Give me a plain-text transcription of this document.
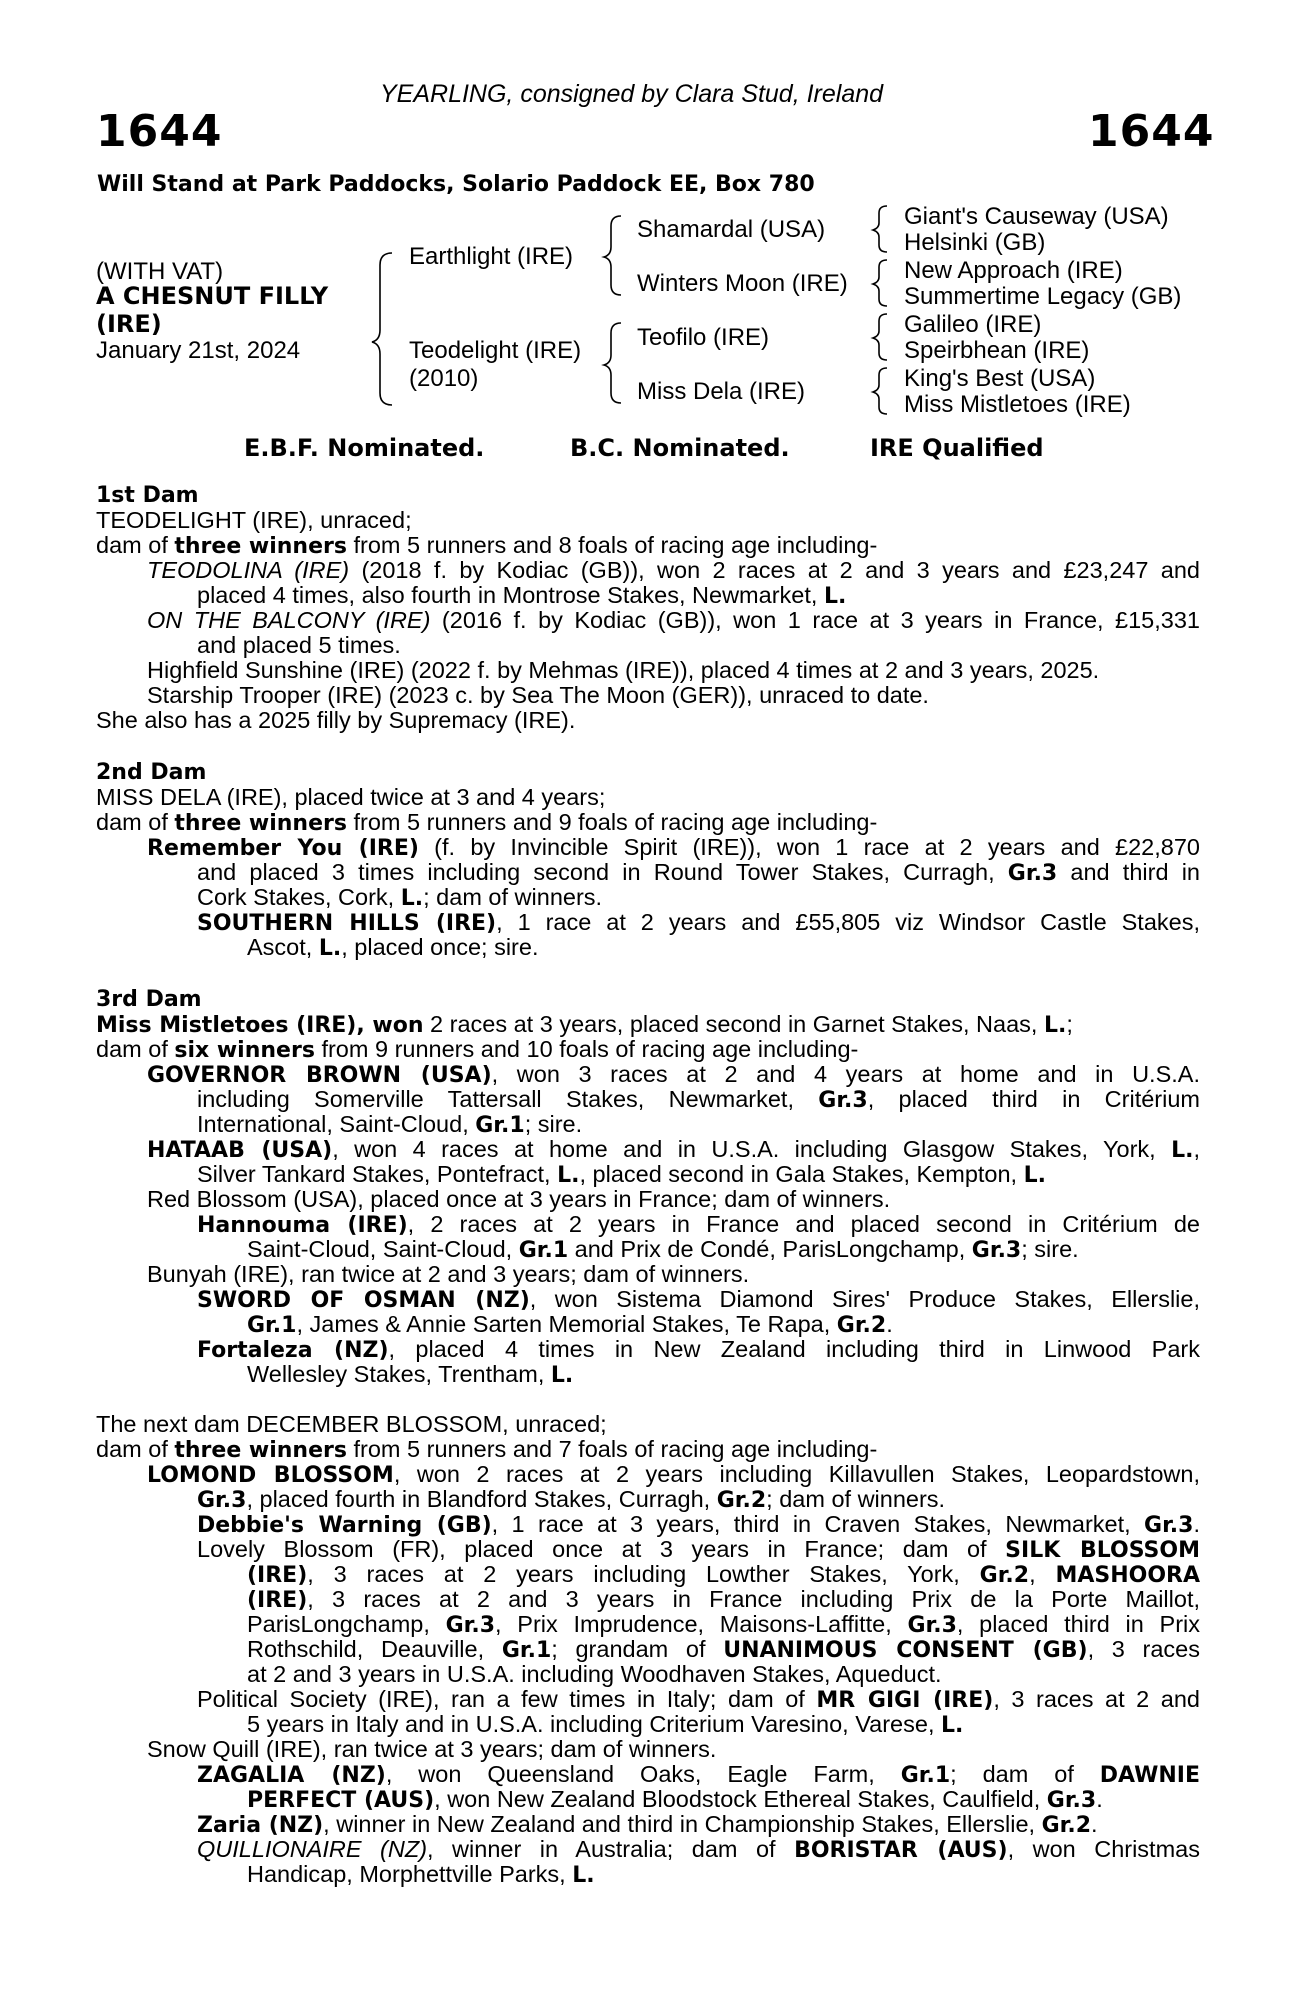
YEARLING, consigned by Clara Stud, Ireland
1644	1644
Will Stand at Park Paddocks, Solario Paddock EE, Box 780
(WITH VAT)
A CHESNUT FILLY
(IRE)
January 21st, 2024
Earthlight (IRE)
Teodelight (IRE)
(2010)
Shamardal (USA)
Winters Moon (IRE)
Teofilo (IRE)
Miss Dela (IRE)
Giant's Causeway (USA)
Helsinki (GB)
New Approach (IRE)
Summertime Legacy (GB)
Galileo (IRE)
Speirbhean (IRE)
King's Best (USA)
Miss Mistletoes (IRE)
E.B.F. Nominated.	B.C. Nominated.	IRE Qualified
1st Dam
TEODELIGHT (IRE), unraced;
dam of three winners from 5 runners and 8 foals of racing age including-
TEODOLINA (IRE) (2018 f. by Kodiac (GB)), won 2 races at 2 and 3 years and £23,247 and
placed 4 times, also fourth in Montrose Stakes, Newmarket, L.
ON THE BALCONY (IRE) (2016 f. by Kodiac (GB)), won 1 race at 3 years in France, £15,331
and placed 5 times.
Highfield Sunshine (IRE) (2022 f. by Mehmas (IRE)), placed 4 times at 2 and 3 years, 2025.
Starship Trooper (IRE) (2023 c. by Sea The Moon (GER)), unraced to date.
She also has a 2025 filly by Supremacy (IRE).
2nd Dam
MISS DELA (IRE), placed twice at 3 and 4 years;
dam of three winners from 5 runners and 9 foals of racing age including-
Remember You (IRE) (f. by Invincible Spirit (IRE)), won 1 race at 2 years and £22,870
and placed 3 times including second in Round Tower Stakes, Curragh, Gr.3 and third in
Cork Stakes, Cork, L.; dam of winners.
SOUTHERN HILLS (IRE), 1 race at 2 years and £55,805 viz Windsor Castle Stakes,
Ascot, L., placed once; sire.
3rd Dam
Miss Mistletoes (IRE), won 2 races at 3 years, placed second in Garnet Stakes, Naas, L.;
dam of six winners from 9 runners and 10 foals of racing age including-
GOVERNOR BROWN (USA), won 3 races at 2 and 4 years at home and in U.S.A.
including Somerville Tattersall Stakes, Newmarket, Gr.3, placed third in Critérium
International, Saint-Cloud, Gr.1; sire.
HATAAB (USA), won 4 races at home and in U.S.A. including Glasgow Stakes, York, L.,
Silver Tankard Stakes, Pontefract, L., placed second in Gala Stakes, Kempton, L.
Red Blossom (USA), placed once at 3 years in France; dam of winners.
Hannouma (IRE), 2 races at 2 years in France and placed second in Critérium de
Saint-Cloud, Saint-Cloud, Gr.1 and Prix de Condé, ParisLongchamp, Gr.3; sire.
Bunyah (IRE), ran twice at 2 and 3 years; dam of winners.
SWORD OF OSMAN (NZ), won Sistema Diamond Sires' Produce Stakes, Ellerslie,
Gr.1, James & Annie Sarten Memorial Stakes, Te Rapa, Gr.2.
Fortaleza (NZ), placed 4 times in New Zealand including third in Linwood Park
Wellesley Stakes, Trentham, L.
The next dam DECEMBER BLOSSOM, unraced;
dam of three winners from 5 runners and 7 foals of racing age including-
LOMOND BLOSSOM, won 2 races at 2 years including Killavullen Stakes, Leopardstown,
Gr.3, placed fourth in Blandford Stakes, Curragh, Gr.2; dam of winners.
Debbie's Warning (GB), 1 race at 3 years, third in Craven Stakes, Newmarket, Gr.3.
Lovely Blossom (FR), placed once at 3 years in France; dam of SILK BLOSSOM
(IRE), 3 races at 2 years including Lowther Stakes, York, Gr.2, MASHOORA
(IRE), 3 races at 2 and 3 years in France including Prix de la Porte Maillot,
ParisLongchamp, Gr.3, Prix Imprudence, Maisons-Laffitte, Gr.3, placed third in Prix
Rothschild, Deauville, Gr.1; grandam of UNANIMOUS CONSENT (GB), 3 races
at 2 and 3 years in U.S.A. including Woodhaven Stakes, Aqueduct.
Political Society (IRE), ran a few times in Italy; dam of MR GIGI (IRE), 3 races at 2 and
5 years in Italy and in U.S.A. including Criterium Varesino, Varese, L.
Snow Quill (IRE), ran twice at 3 years; dam of winners.
ZAGALIA (NZ), won Queensland Oaks, Eagle Farm, Gr.1; dam of DAWNIE
PERFECT (AUS), won New Zealand Bloodstock Ethereal Stakes, Caulfield, Gr.3.
Zaria (NZ), winner in New Zealand and third in Championship Stakes, Ellerslie, Gr.2.
QUILLIONAIRE (NZ), winner in Australia; dam of BORISTAR (AUS), won Christmas
Handicap, Morphettville Parks, L.
